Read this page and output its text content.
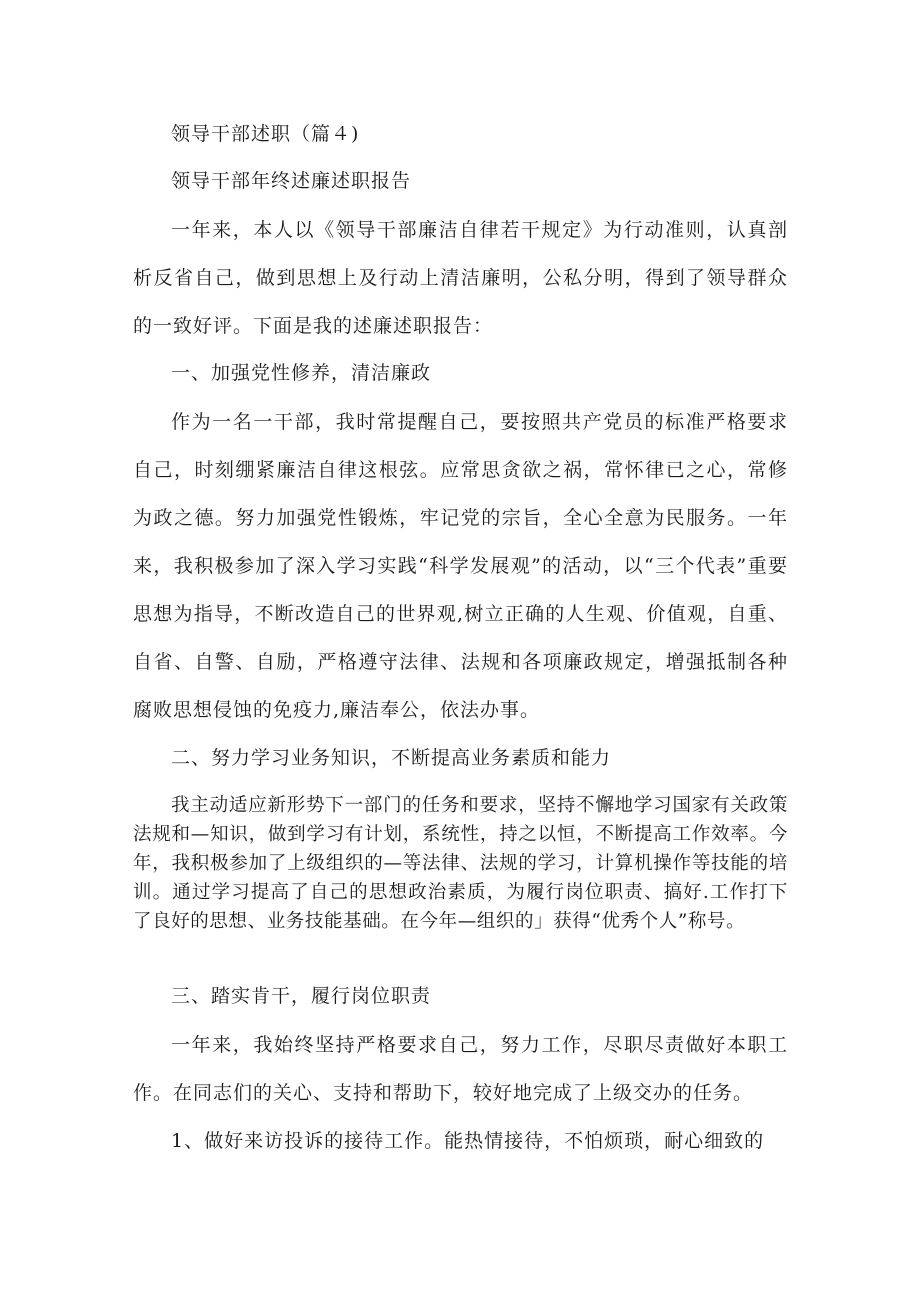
领导干部述职（篇４)

领导干部年终述廉述职报告

一年来，本人以《领导干部廉洁自律若干规定》为行动准则，认真剖析反省自己，做到思想上及行动上清洁廉明，公私分明，得到了领导群众的一致好评。下面是我的述廉述职报告：

一、加强党性修养，清洁廉政

作为一名一干部，我时常提醒自己，要按照共产党员的标准严格要求自己，时刻绷紧廉洁自律这根弦。应常思贪欲之祸，常怀律已之心，常修为政之德。努力加强党性锻炼，牢记党的宗旨，全心全意为民服务。一年来，我积极参加了深入学习实践“科学发展观”的活动，以“三个代表”重要思想为指导，不断改造自己的世界观,树立正确的人生观、价值观，自重、自省、自警、自励，严格遵守法律、法规和各项廉政规定，增强抵制各种腐败思想侵蚀的免疫力,廉洁奉公，依法办事。

二、努力学习业务知识，不断提高业务素质和能力

我主动适应新形势下一部门的任务和要求，坚持不懈地学习国家有关政策法规和—知识，做到学习有计划，系统性，持之以恒，不断提高工作效率。今年，我积极参加了上级组织的—等法律、法规的学习，计算机操作等技能的培训。通过学习提高了自己的思想政治素质，为履行岗位职责、搞好.工作打下了良好的思想、业务技能基础。在今年—组织的」获得“优秀个人”称号。

三、踏实肯干，履行岗位职责

一年来，我始终坚持严格要求自己，努力工作，尽职尽责做好本职工作。在同志们的关心、支持和帮助下，较好地完成了上级交办的任务。

1、做好来访投诉的接待工作。能热情接待，不怕烦琐，耐心细致的
